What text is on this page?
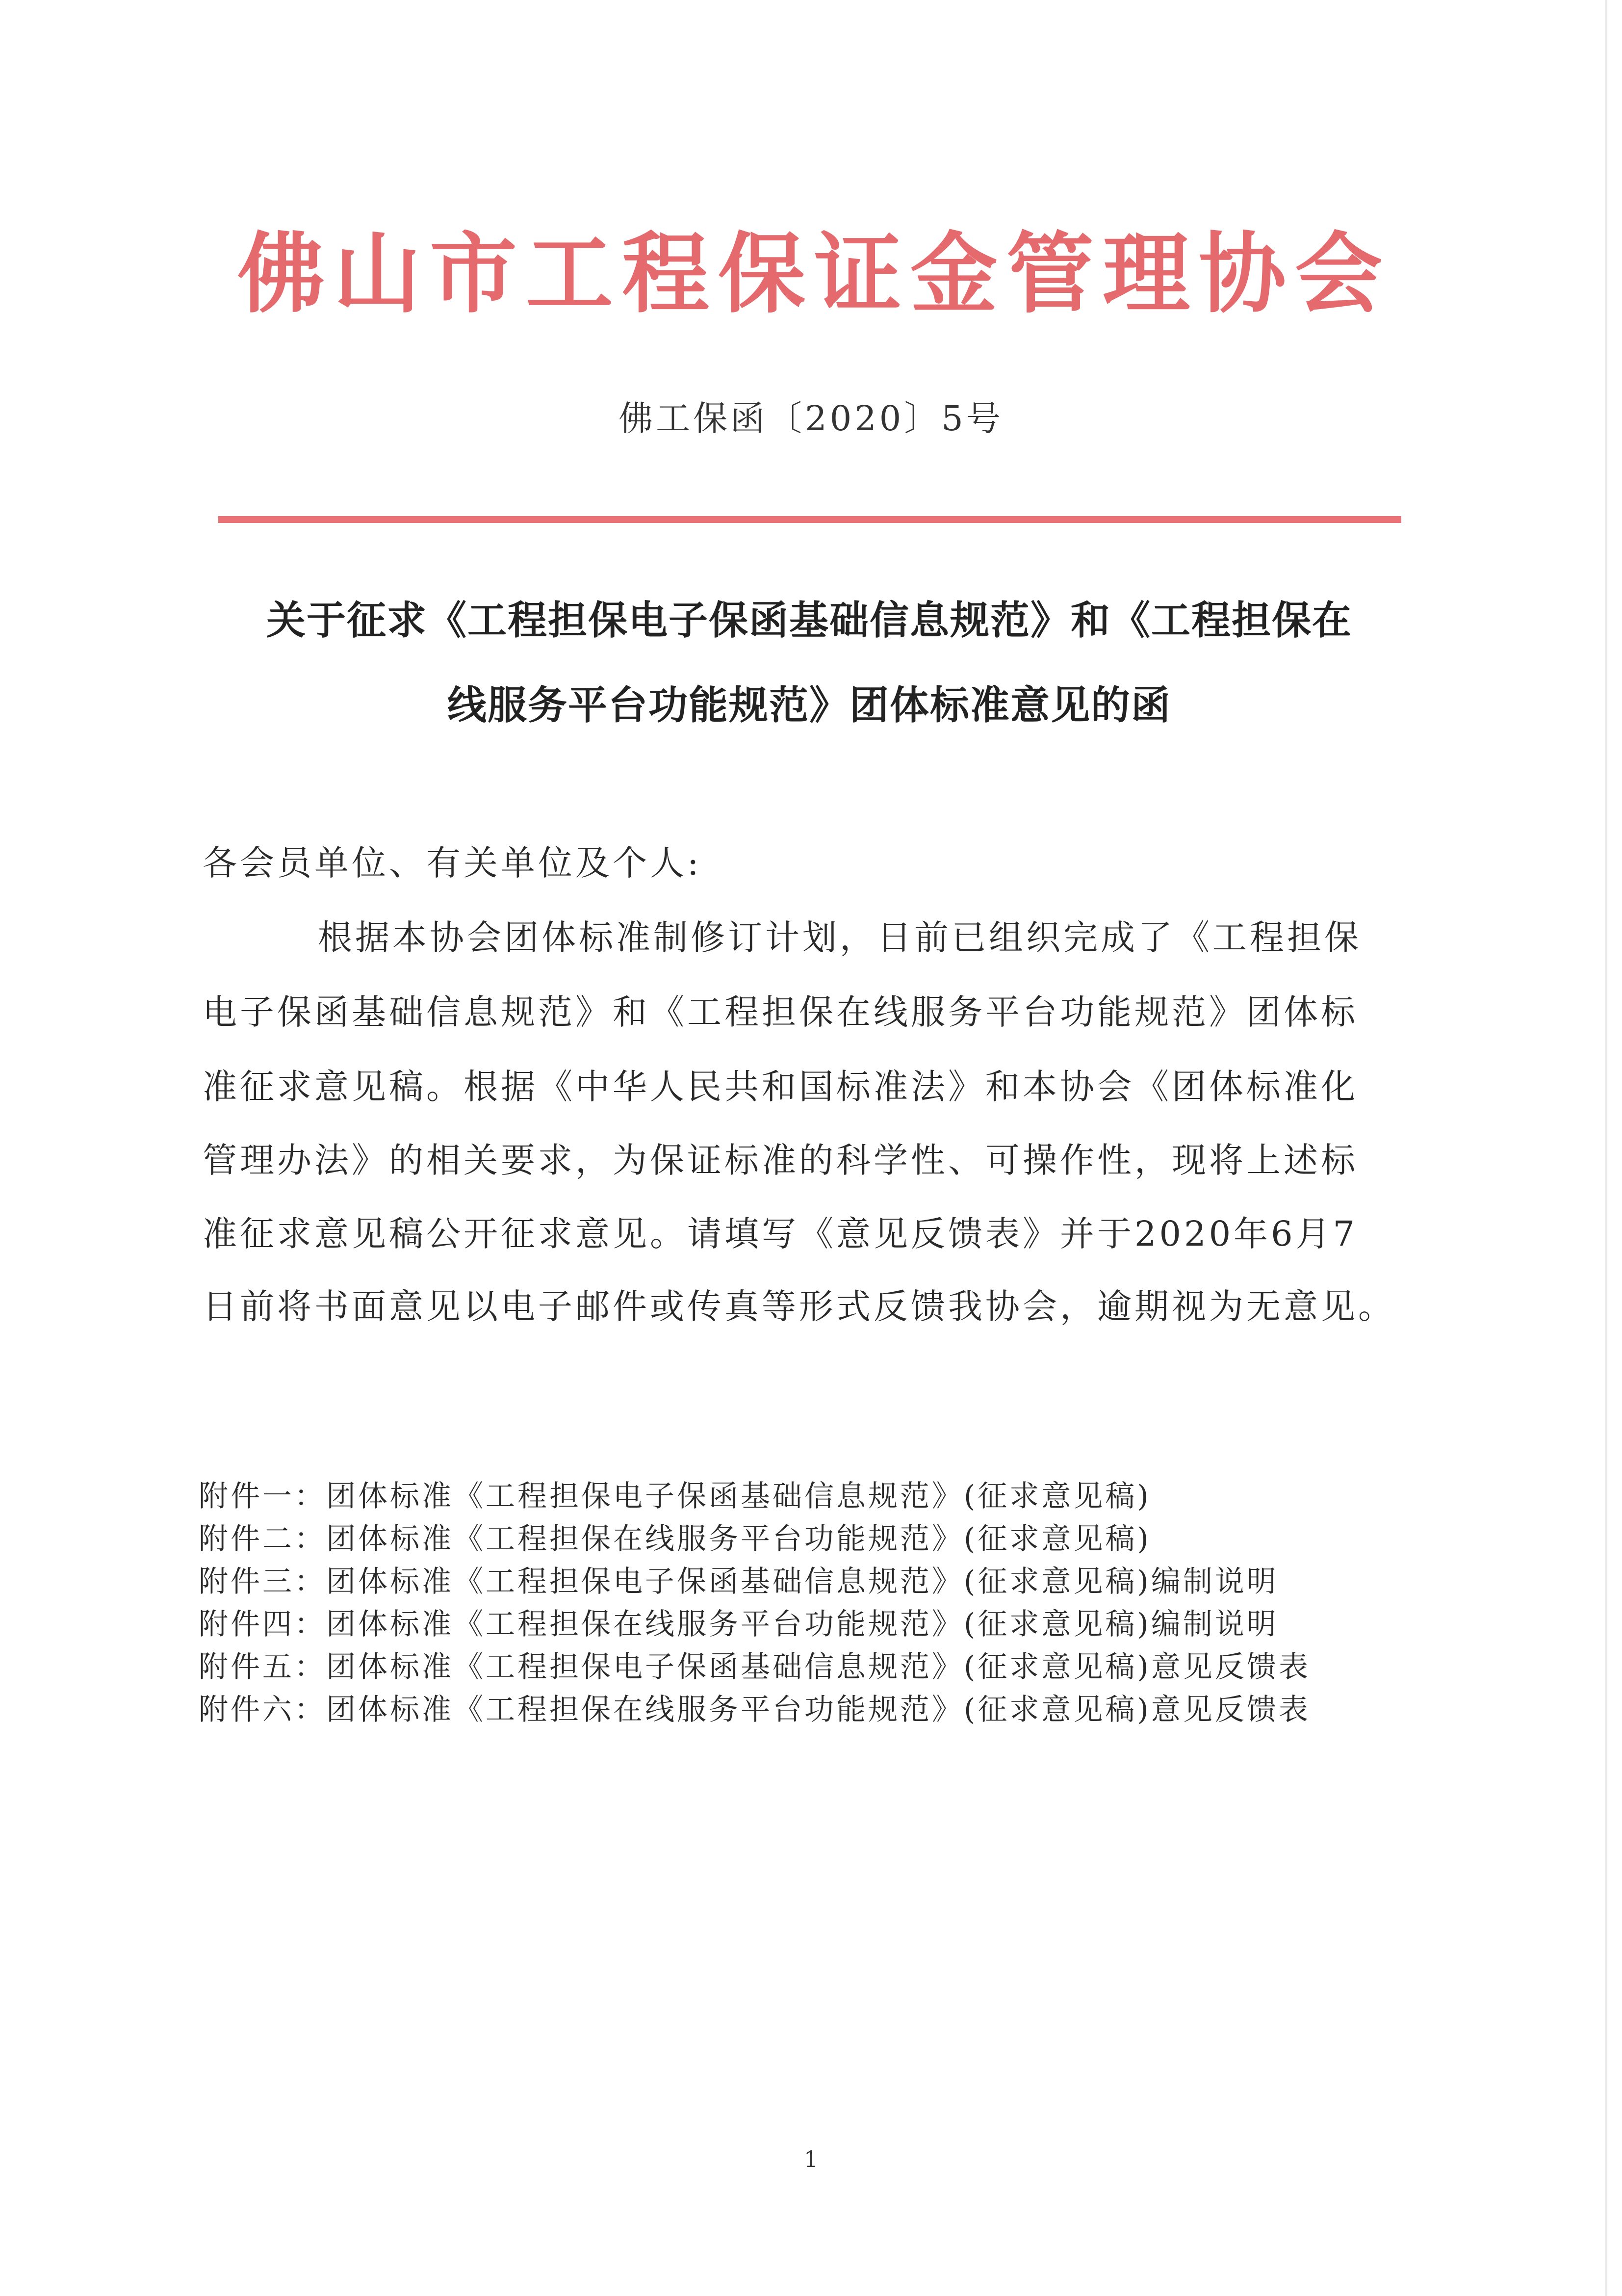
佛山市工程保证金管理协会
佛工保函〔2020〕5号
关于征求《工程担保电子保函基础信息规范》和《工程担保在
线服务平台功能规范》团体标准意见的函
各会员单位、有关单位及个人:
根据本协会团体标准制修订计划，日前已组织完成了《工程担保
电子保函基础信息规范》和《工程担保在线服务平台功能规范》团体标
准征求意见稿。根据《中华人民共和国标准法》和本协会《团体标准化
管理办法》的相关要求，为保证标准的科学性、可操作性，现将上述标
准征求意见稿公开征求意见。请填写《意见反馈表》并于2020年6月7
日前将书面意见以电子邮件或传真等形式反馈我协会，逾期视为无意见。
附件一：团体标准《工程担保电子保函基础信息规范》(征求意见稿)
附件二：团体标准《工程担保在线服务平台功能规范》(征求意见稿)
附件三：团体标准《工程担保电子保函基础信息规范》(征求意见稿)编制说明
附件四：团体标准《工程担保在线服务平台功能规范》(征求意见稿)编制说明
附件五：团体标准《工程担保电子保函基础信息规范》(征求意见稿)意见反馈表
附件六：团体标准《工程担保在线服务平台功能规范》(征求意见稿)意见反馈表
1
